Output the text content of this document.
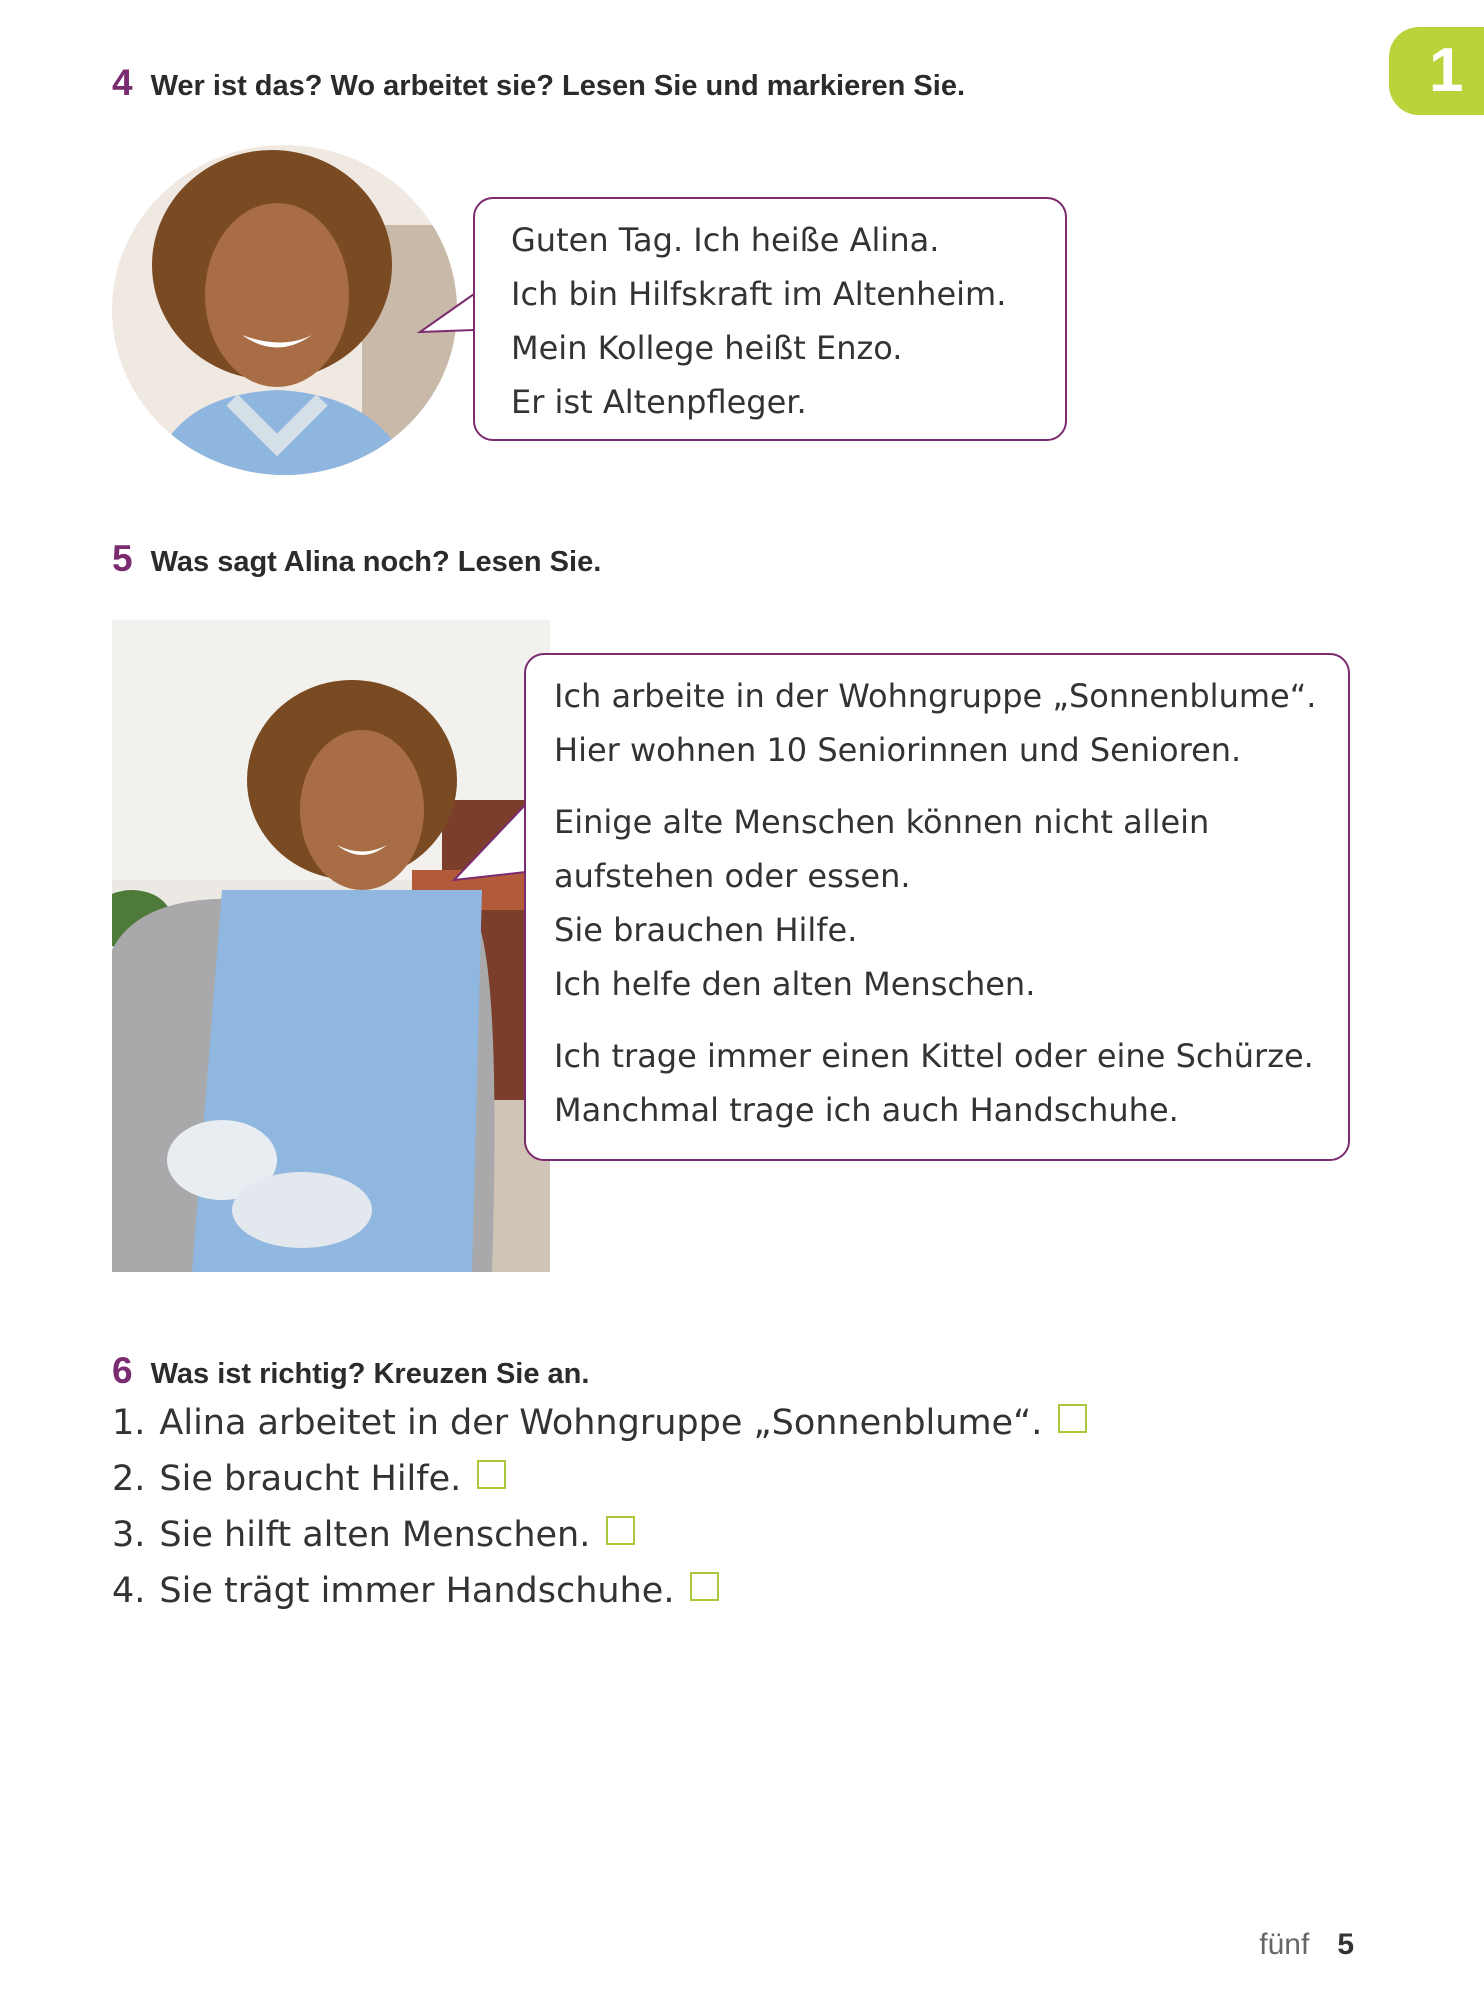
1
4 Wer ist das? Wo arbeitet sie? Lesen Sie und markieren Sie.
Guten Tag. Ich heiße Alina.
Ich bin Hilfskraft im Altenheim.
Mein Kollege heißt Enzo.
Er ist Altenpfleger.
5 Was sagt Alina noch? Lesen Sie.
Ich arbeite in der Wohngruppe „Sonnenblume“.
Hier wohnen 10 Seniorinnen und Senioren.
Einige alte Menschen können nicht allein
aufstehen oder essen.
Sie brauchen Hilfe.
Ich helfe den alten Menschen.
Ich trage immer einen Kittel oder eine Schürze.
Manchmal trage ich auch Handschuhe.
6 Was ist richtig? Kreuzen Sie an.
1. Alina arbeitet in der Wohngruppe „Sonnenblume“.
2. Sie braucht Hilfe.
3. Sie hilft alten Menschen.
4. Sie trägt immer Handschuhe.
fünf 5
